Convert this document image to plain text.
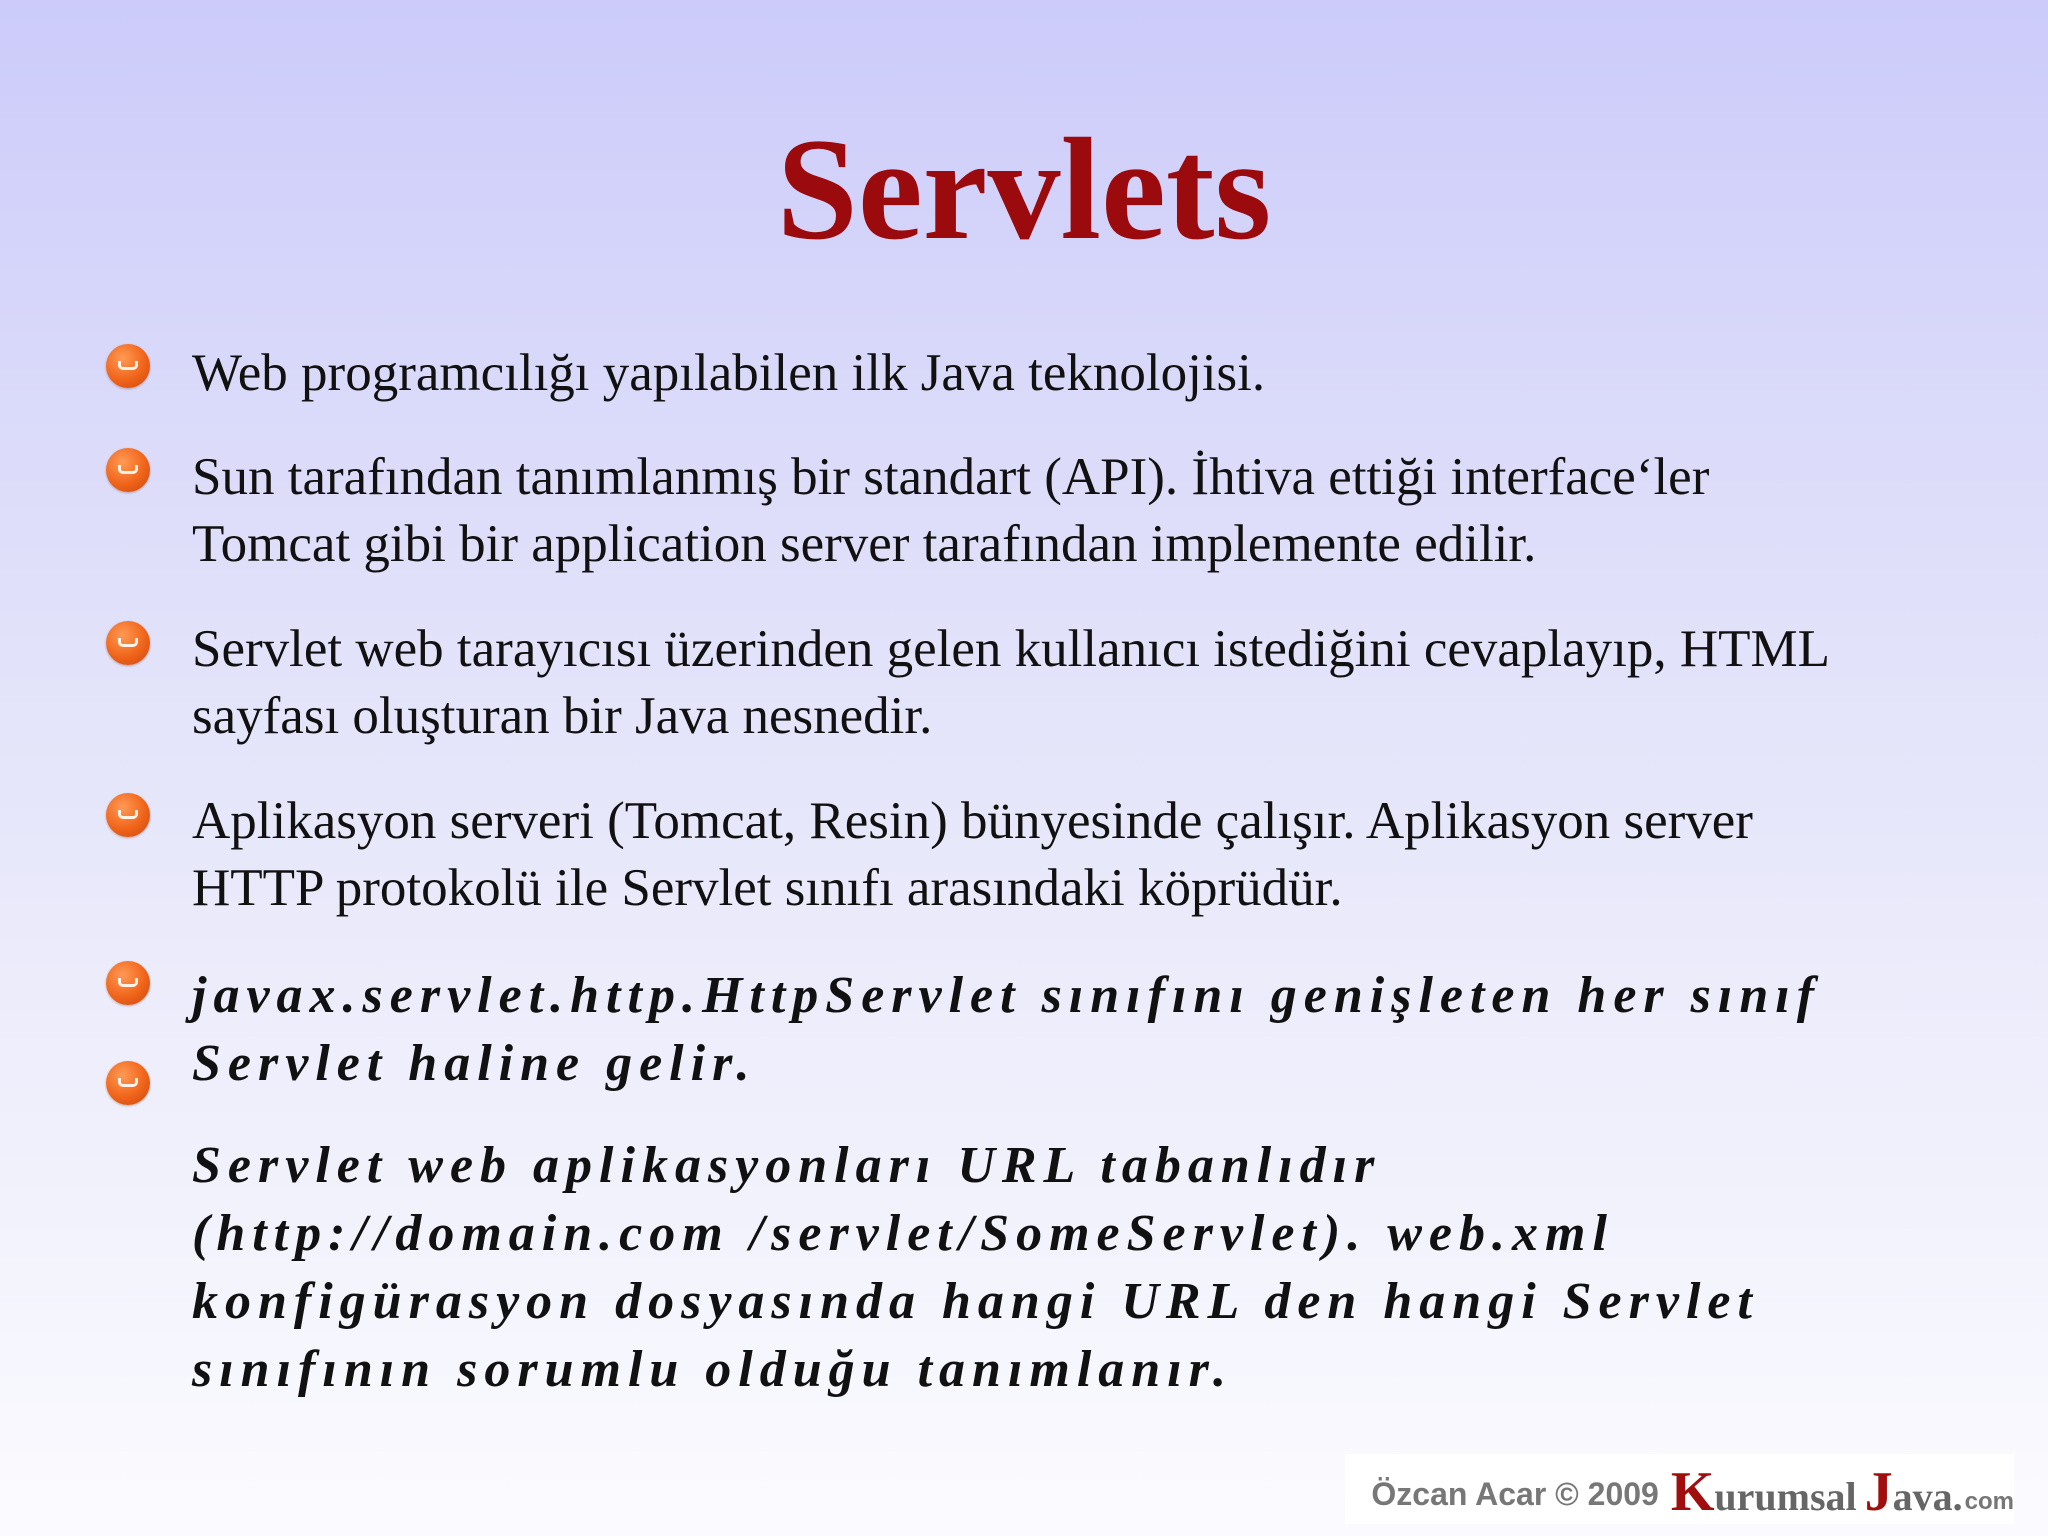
Servlets

Web programcılığı yapılabilen ilk Java teknolojisi.

Sun tarafından tanımlanmış bir standart (API). İhtiva ettiği interface‘ler
Tomcat gibi bir application server tarafından implemente edilir.

Servlet web tarayıcısı üzerinden gelen kullanıcı istediğini cevaplayıp, HTML
sayfası oluşturan bir Java nesnedir.

Aplikasyon serveri (Tomcat, Resin) bünyesinde çalışır. Aplikasyon server
HTTP protokolü ile Servlet sınıfı arasındaki köprüdür.

javax.servlet.http.HttpServlet sınıfını genişleten her sınıf
Servlet haline gelir.

Servlet web aplikasyonları URL tabanlıdır
(http://domain.com /servlet/SomeServlet). web.xml
konfigürasyon dosyasında hangi URL den hangi Servlet
sınıfının sorumlu olduğu tanımlanır.

Özcan Acar © 2009 K urumsal J ava. com
